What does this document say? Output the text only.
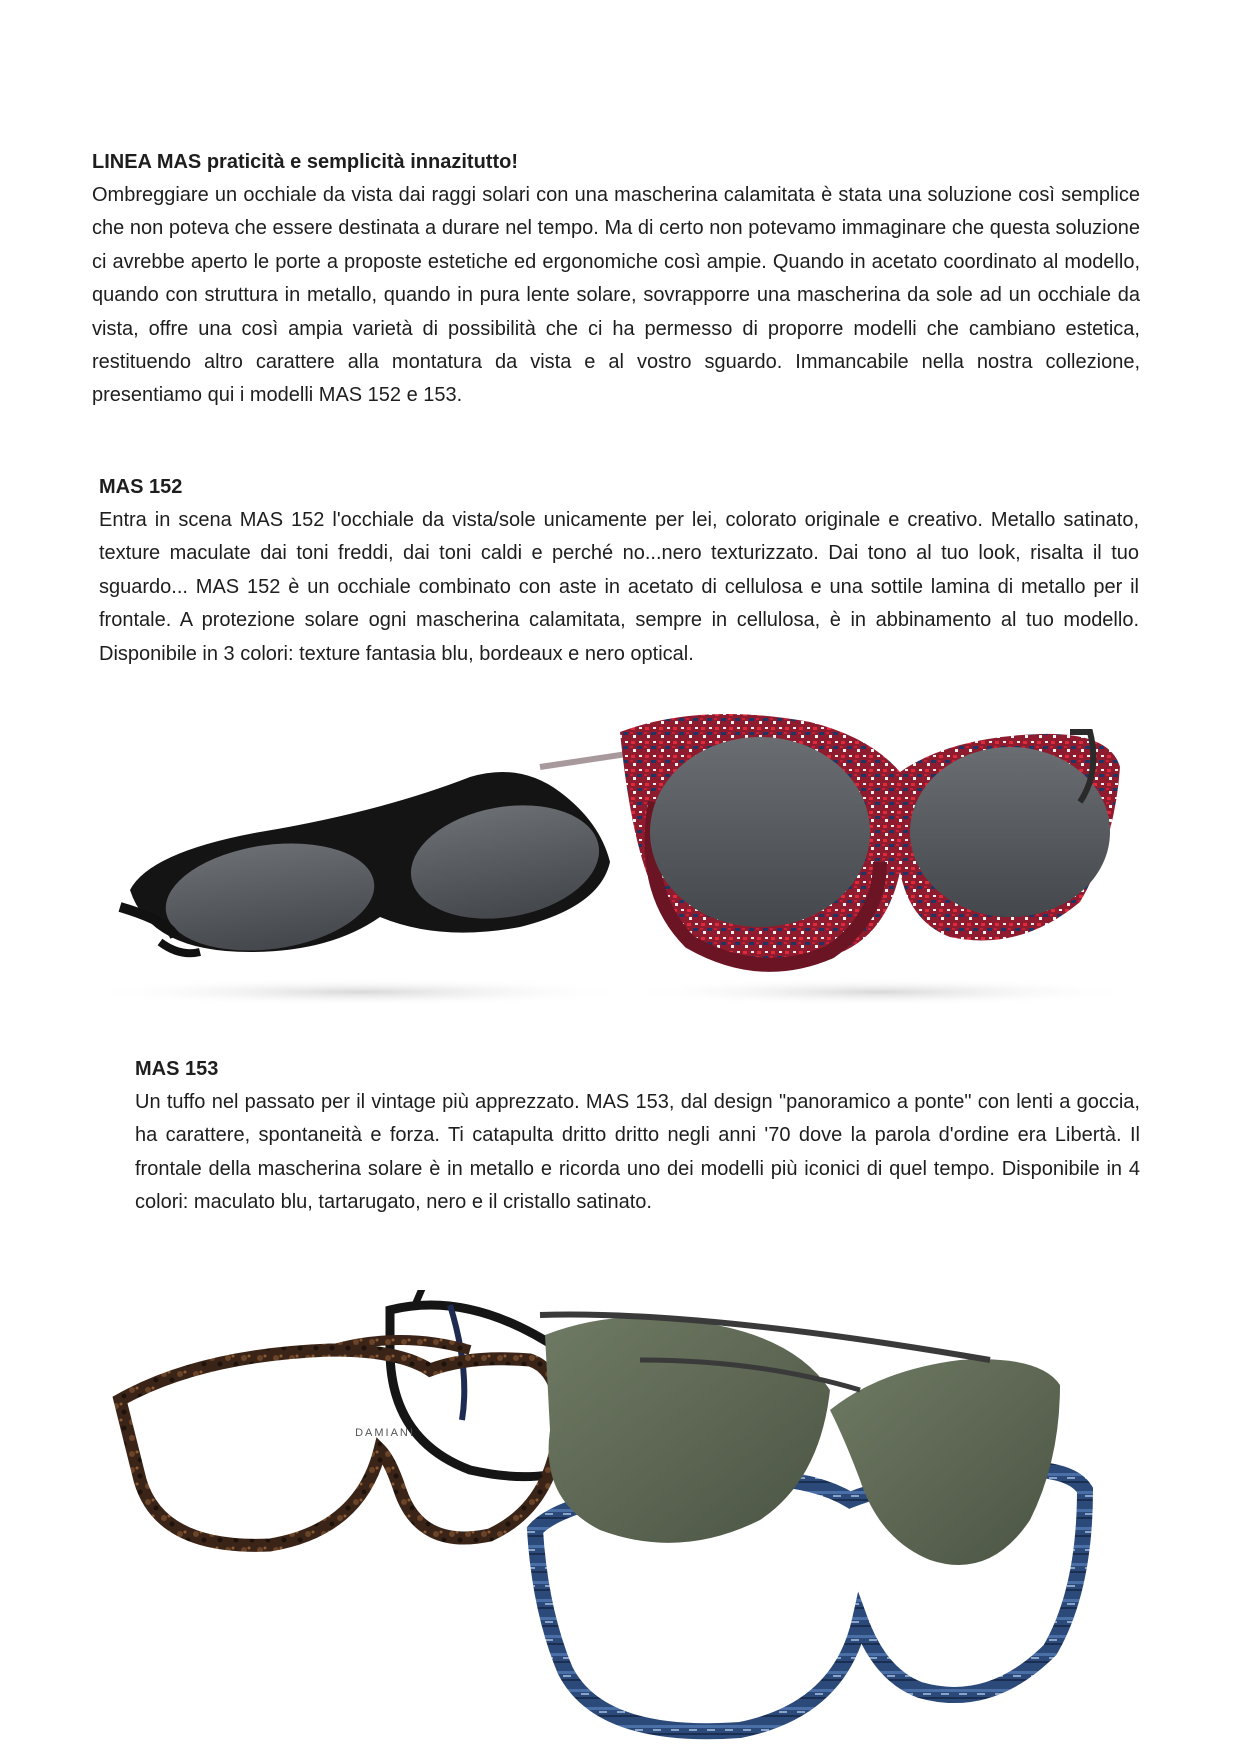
LINEA MAS praticità e semplicità innazitutto!

Ombreggiare un occhiale da vista dai raggi solari con una mascherina calamitata è stata una soluzione così semplice che non poteva che essere destinata a durare nel tempo. Ma di certo non potevamo immaginare che questa soluzione ci avrebbe aperto le porte a proposte estetiche ed ergonomiche così ampie. Quando in acetato coordinato al modello, quando con struttura in metallo, quando in pura lente solare, sovrapporre una mascherina da sole ad un occhiale da vista, offre una così ampia varietà di possibilità che ci ha permesso di proporre modelli che cambiano estetica, restituendo altro carattere alla montatura da vista e al vostro sguardo. Immancabile nella nostra collezione, presentiamo qui i modelli MAS 152 e 153.

MAS 152

Entra in scena MAS 152 l'occhiale da vista/sole unicamente per lei, colorato originale e creativo. Metallo satinato, texture maculate dai toni freddi, dai toni caldi e perché no...nero texturizzato. Dai tono al tuo look, risalta il tuo sguardo... MAS 152 è un occhiale combinato con aste in acetato di cellulosa e una sottile lamina di metallo per il frontale. A protezione solare ogni mascherina calamitata, sempre in cellulosa, è in abbinamento al tuo modello. Disponibile in 3 colori: texture fantasia blu, bordeaux e nero optical.

MAS 153

Un tuffo nel passato per il vintage più apprezzato. MAS 153, dal design "panoramico a ponte" con lenti a goccia, ha carattere, spontaneità e forza. Ti catapulta dritto dritto negli anni '70 dove la parola d'ordine era Libertà. Il frontale della mascherina solare è in metallo e ricorda uno dei modelli più iconici di quel tempo. Disponibile in 4 colori: maculato blu, tartarugato, nero e il cristallo satinato.

DAMIANI
